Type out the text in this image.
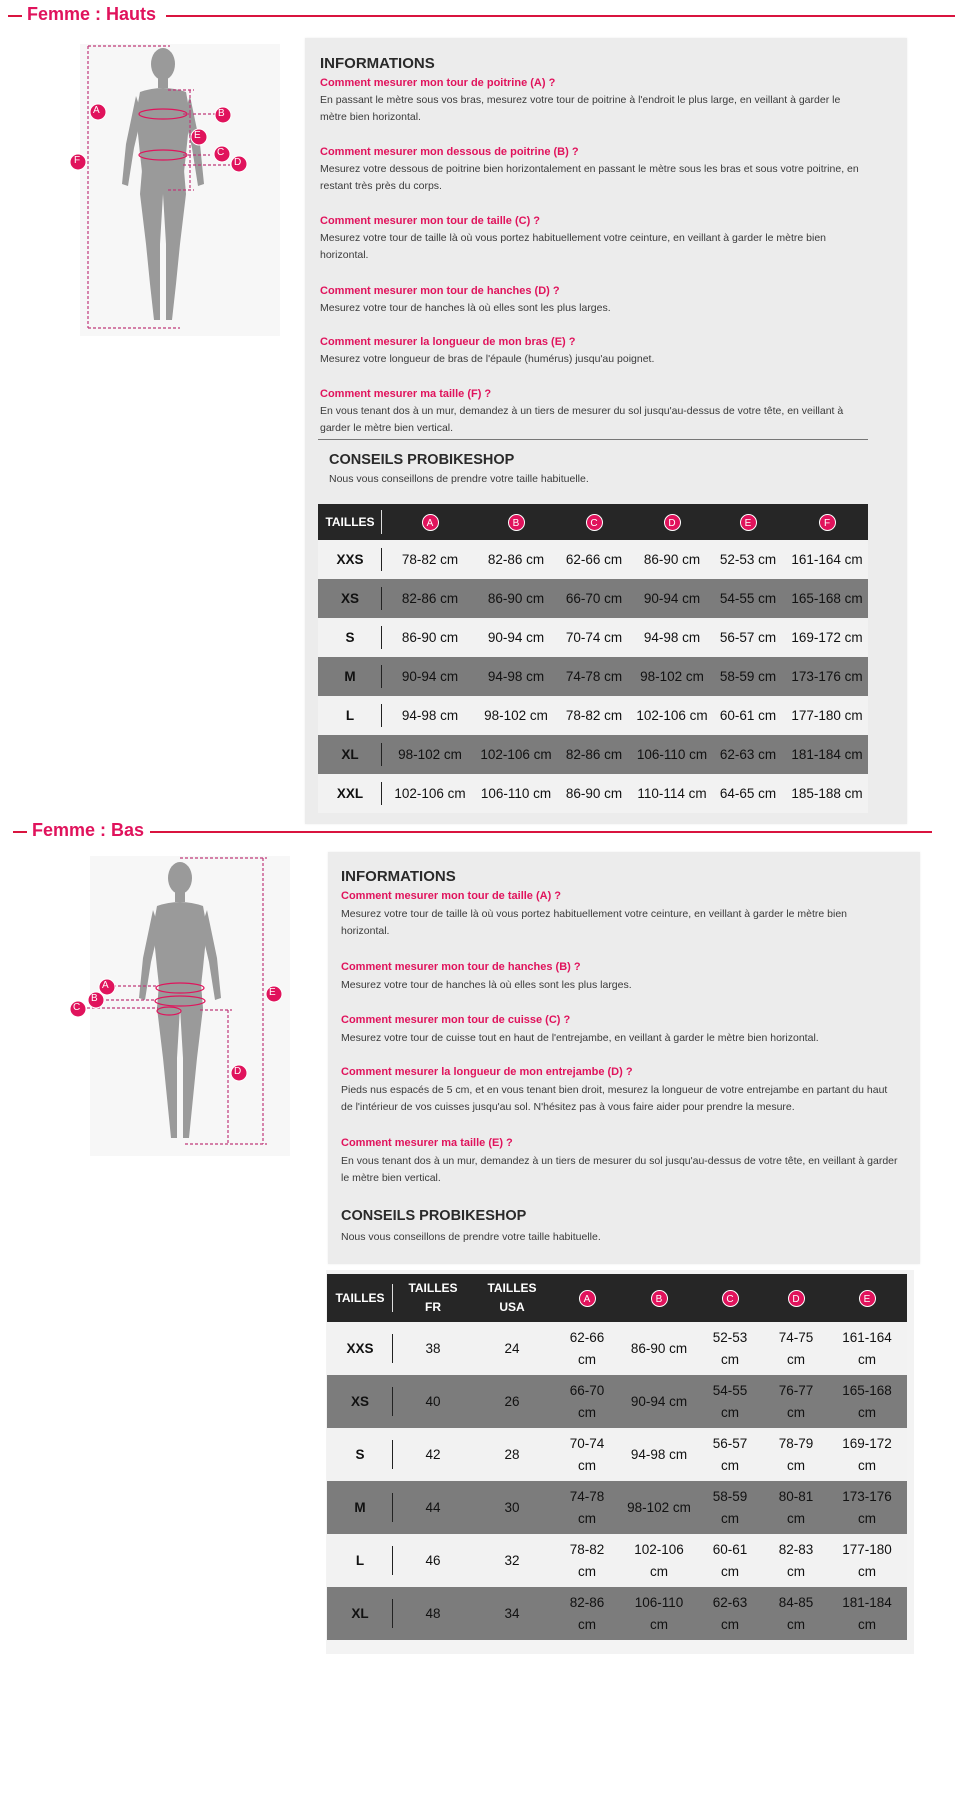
Femme : Hauts
A	B
E
C
D
F
INFORMATIONS
Comment mesurer mon tour de poitrine (A) ?
En passant le mètre sous vos bras, mesurez votre tour de poitrine à l'endroit le plus large, en veillant à garder le mètre bien horizontal.
Comment mesurer mon dessous de poitrine (B) ?
Mesurez votre dessous de poitrine bien horizontalement en passant le mètre sous les bras et sous votre poitrine, en restant très près du corps.
Comment mesurer mon tour de taille (C) ?
Mesurez votre tour de taille là où vous portez habituellement votre ceinture, en veillant à garder le mètre bien horizontal.
Comment mesurer mon tour de hanches (D) ?
Mesurez votre tour de hanches là où elles sont les plus larges.
Comment mesurer la longueur de mon bras (E) ?
Mesurez votre longueur de bras de l'épaule (humérus) jusqu'au poignet.
Comment mesurer ma taille (F) ?
En vous tenant dos à un mur, demandez à un tiers de mesurer du sol jusqu'au-dessus de votre tête, en veillant à garder le mètre bien vertical.
CONSEILS PROBIKESHOP
Nous vous conseillons de prendre votre taille habituelle.
TAILLES	A	B	C	D	E	F
XXS	78-82 cm	82-86 cm	62-66 cm	86-90 cm	52-53 cm	161-164 cm
XS	82-86 cm	86-90 cm	66-70 cm	90-94 cm	54-55 cm	165-168 cm
S	86-90 cm	90-94 cm	70-74 cm	94-98 cm	56-57 cm	169-172 cm
M	90-94 cm	94-98 cm	74-78 cm	98-102 cm	58-59 cm	173-176 cm
L	94-98 cm	98-102 cm	78-82 cm	102-106 cm	60-61 cm	177-180 cm
XL	98-102 cm	102-106 cm	82-86 cm	106-110 cm	62-63 cm	181-184 cm
XXL	102-106 cm	106-110 cm	86-90 cm	110-114 cm	64-65 cm	185-188 cm
Femme : Bas
A
B
C
D
E
INFORMATIONS
Comment mesurer mon tour de taille (A) ?
Mesurez votre tour de taille là où vous portez habituellement votre ceinture, en veillant à garder le mètre bien horizontal.
Comment mesurer mon tour de hanches (B) ?
Mesurez votre tour de hanches là où elles sont les plus larges.
Comment mesurer mon tour de cuisse (C) ?
Mesurez votre tour de cuisse tout en haut de l'entrejambe, en veillant à garder le mètre bien horizontal.
Comment mesurer la longueur de mon entrejambe (D) ?
Pieds nus espacés de 5 cm, et en vous tenant bien droit, mesurez la longueur de votre entrejambe en partant du haut de l'intérieur de vos cuisses jusqu'au sol. N'hésitez pas à vous faire aider pour prendre la mesure.
Comment mesurer ma taille (E) ?
En vous tenant dos à un mur, demandez à un tiers de mesurer du sol jusqu'au-dessus de votre tête, en veillant à garder le mètre bien vertical.
CONSEILS PROBIKESHOP
Nous vous conseillons de prendre votre taille habituelle.
TAILLES	TAILLES FR	TAILLES USA	A	B	C	D	E
XXS	38	24	62-66 cm	86-90 cm	52-53 cm	74-75 cm	161-164 cm
XS	40	26	66-70 cm	90-94 cm	54-55 cm	76-77 cm	165-168 cm
S	42	28	70-74 cm	94-98 cm	56-57 cm	78-79 cm	169-172 cm
M	44	30	74-78 cm	98-102 cm	58-59 cm	80-81 cm	173-176 cm
L	46	32	78-82 cm	102-106 cm	60-61 cm	82-83 cm	177-180 cm
XL	48	34	82-86 cm	106-110 cm	62-63 cm	84-85 cm	181-184 cm
